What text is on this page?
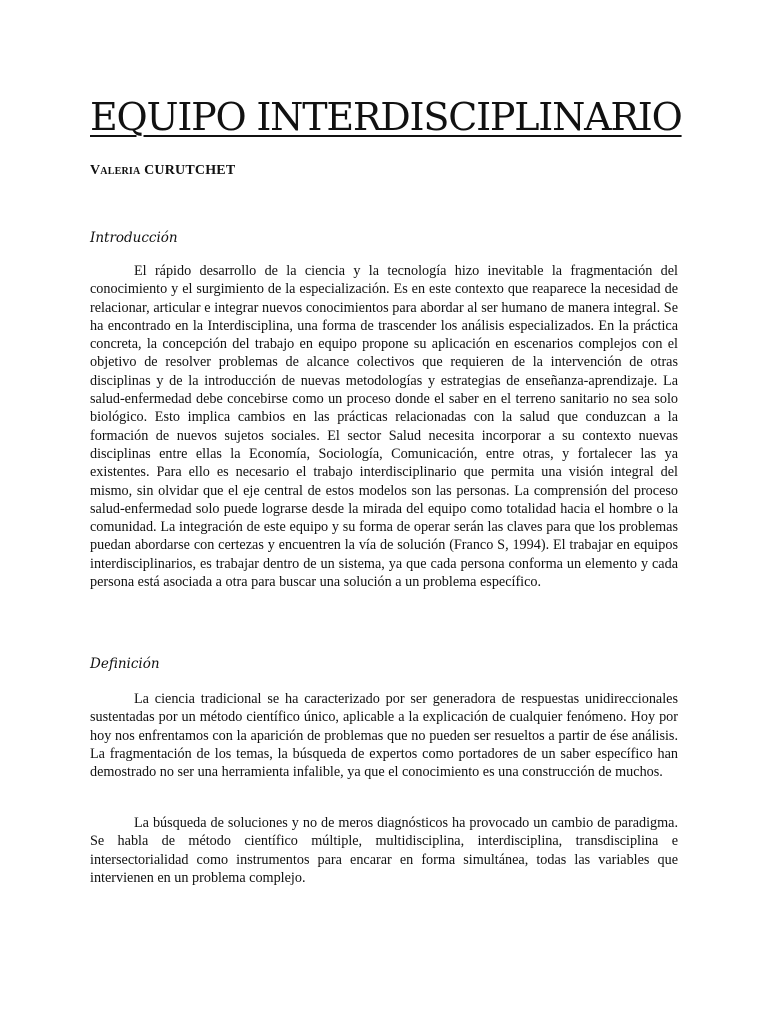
EQUIPO INTERDISCIPLINARIO

Valeria CURUTCHET

Introducción

El rápido desarrollo de la ciencia y la tecnología hizo inevitable la fragmentación del conocimiento y el surgimiento de la especialización. Es en este contexto que reaparece la necesidad de relacionar, articular e integrar nuevos conocimientos para abordar al ser humano de manera integral. Se ha encontrado en la Interdisciplina, una forma de trascender los análisis especializados. En la práctica concreta, la concepción del trabajo en equipo propone su aplicación en escenarios complejos con el objetivo de resolver problemas de alcance colectivos que requieren de la intervención de otras disciplinas y de la introducción de nuevas metodologías y estrategias de enseñanza-aprendizaje. La salud-enfermedad debe concebirse como un proceso donde el saber en el terreno sanitario no sea solo biológico. Esto implica cambios en las prácticas relacionadas con la salud que conduzcan a la formación de nuevos sujetos sociales. El sector Salud necesita incorporar a su contexto nuevas disciplinas entre ellas la Economía, Sociología, Comunicación, entre otras, y fortalecer las ya existentes. Para ello es necesario el trabajo interdisciplinario que permita una visión integral del mismo, sin olvidar que el eje central de estos modelos son las personas. La comprensión del proceso salud-enfermedad solo puede lograrse desde la mirada del equipo como totalidad hacia el hombre o la comunidad. La integración de este equipo y su forma de operar serán las claves para que los problemas puedan abordarse con certezas y encuentren la vía de solución (Franco S, 1994). El trabajar en equipos interdisciplinarios, es trabajar dentro de un sistema, ya que cada persona conforma un elemento y cada persona está asociada a otra para buscar una solución a un problema específico.

Definición

La ciencia tradicional se ha caracterizado por ser generadora de respuestas unidireccionales sustentadas por un método científico único, aplicable a la explicación de cualquier fenómeno. Hoy por hoy nos enfrentamos con la aparición de problemas que no pueden ser resueltos a partir de ése análisis. La fragmentación de los temas, la búsqueda de expertos como portadores de un saber específico han demostrado no ser una herramienta infalible, ya que el conocimiento es una construcción de muchos.

La búsqueda de soluciones y no de meros diagnósticos ha provocado un cambio de paradigma. Se habla de método científico múltiple, multidisciplina, interdisciplina, transdisciplina e intersectorialidad como instrumentos para encarar en forma simultánea, todas las variables que intervienen en un problema complejo.
